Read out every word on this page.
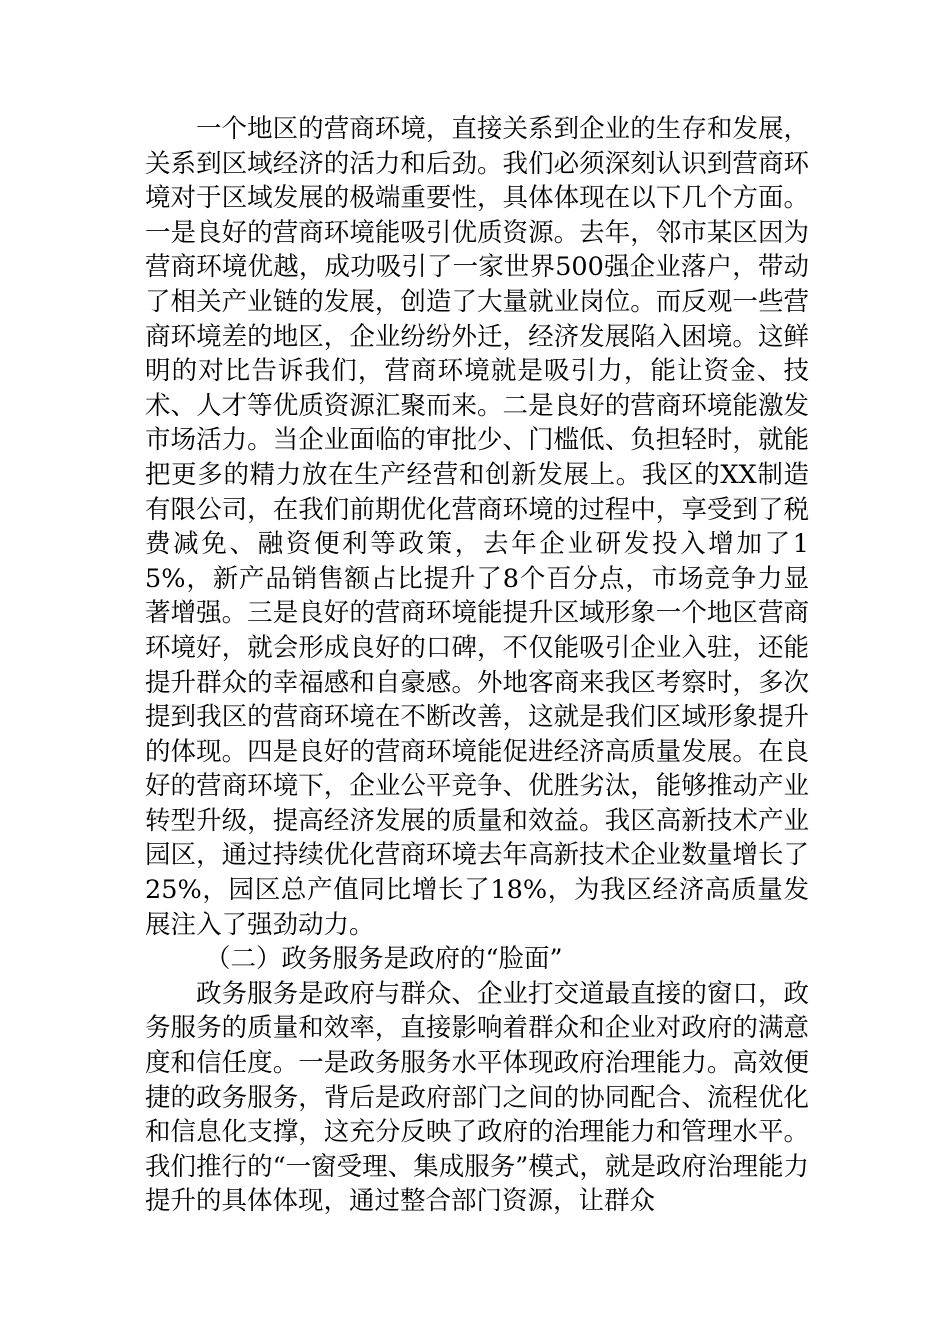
一个地区的营商环境，直接关系到企业的生存和发展，关系到区域经济的活力和后劲。我们必须深刻认识到营商环境对于区域发展的极端重要性，具体体现在以下几个方面。一是良好的营商环境能吸引优质资源。去年，邻市某区因为营商环境优越，成功吸引了一家世界500强企业落户，带动了相关产业链的发展，创造了大量就业岗位。而反观一些营商环境差的地区，企业纷纷外迁，经济发展陷入困境。这鲜明的对比告诉我们，营商环境就是吸引力，能让资金、技术、人才等优质资源汇聚而来。二是良好的营商环境能激发市场活力。当企业面临的审批少、门槛低、负担轻时，就能把更多的精力放在生产经营和创新发展上。我区的XX制造有限公司，在我们前期优化营商环境的过程中，享受到了税费减免、融资便利等政策，去年企业研发投入增加了15%，新产品销售额占比提升了8个百分点，市场竞争力显著增强。三是良好的营商环境能提升区域形象一个地区营商环境好，就会形成良好的口碑，不仅能吸引企业入驻，还能提升群众的幸福感和自豪感。外地客商来我区考察时，多次提到我区的营商环境在不断改善，这就是我们区域形象提升的体现。四是良好的营商环境能促进经济高质量发展。在良好的营商环境下，企业公平竞争、优胜劣汰，能够推动产业转型升级，提高经济发展的质量和效益。我区高新技术产业园区，通过持续优化营商环境去年高新技术企业数量增长了25%，园区总产值同比增长了18%，为我区经济高质量发展注入了强劲动力。

（二）政务服务是政府的“脸面”

政务服务是政府与群众、企业打交道最直接的窗口，政务服务的质量和效率，直接影响着群众和企业对政府的满意度和信任度。一是政务服务水平体现政府治理能力。高效便捷的政务服务，背后是政府部门之间的协同配合、流程优化和信息化支撑，这充分反映了政府的治理能力和管理水平。我们推行的“一窗受理、集成服务”模式，就是政府治理能力提升的具体体现，通过整合部门资源，让群众
